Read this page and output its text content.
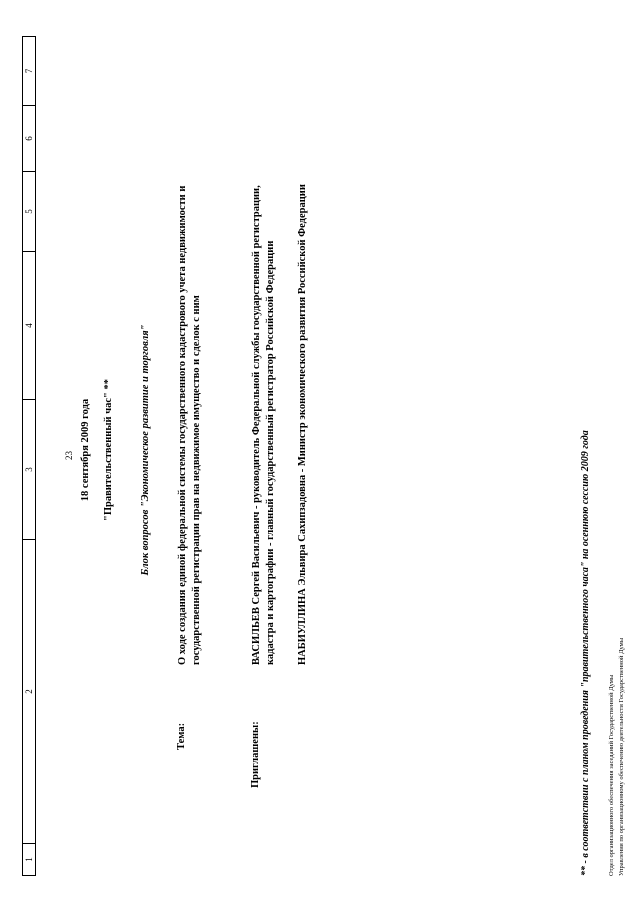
1
2
3
4
5
6
7
23 18 сентября 2009 года "Правительственный час" ** Блок вопросов "Экономическое развитие и торговля"
Тема:
О ходе создания единой федеральной системы государственного кадастрового учета недвижимости и государственной регистрации прав на недвижимое имущество и сделок с ним
Приглашены:
ВАСИЛЬЕВ Сергей Васильевич - руководитель Федеральной службы государственной регистрации, кадастра и картографии - главный государственный регистратор Российской Федерации НАБИУЛЛИНА Эльвира Сахипзадовна - Министр экономического развития Российской Федерации	** - в соответствии с планом проведения "правительственного часа" на осеннюю сессию 2009 года	Отдел организационного обеспечения заседаний Государственной Думы Управления по организационному обеспечению деятельности Государственной Думы
